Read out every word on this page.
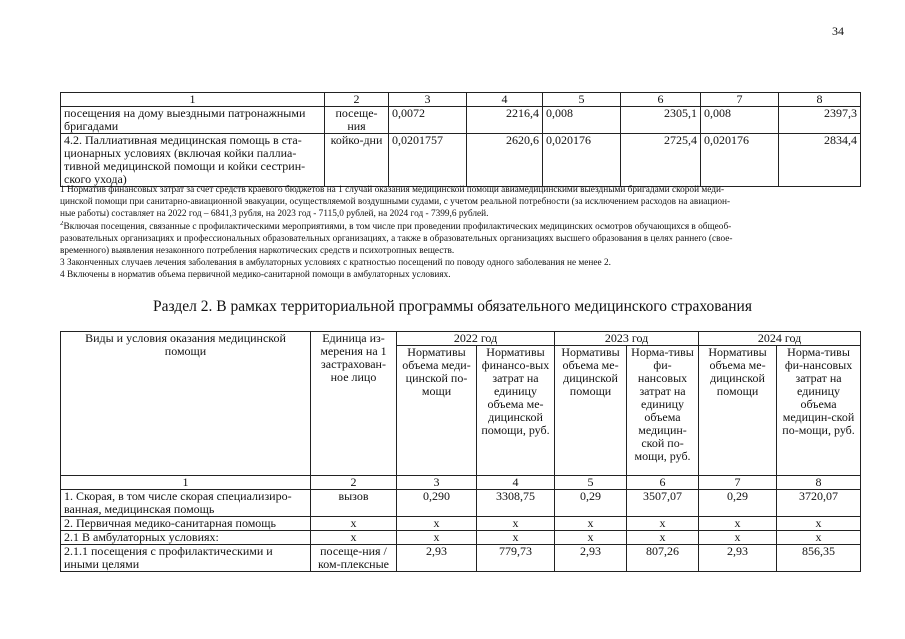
34
1	2	3	4	5	6	7	8
посещения на дому выездными патронажными бригадами	посеще-ния	0,0072	2216,4	0,008	2305,1	0,008	2397,3
4.2. Паллиативная медицинская помощь в ста-ционарных условиях (включая койки паллиа-тивной медицинской помощи и койки сестрин-ского ухода)	койко-дни	0,0201757	2620,6	0,020176	2725,4	0,020176	2834,4
1 Норматив финансовых затрат за счет средств краевого бюджетов на 1 случай оказания медицинской помощи авиамедицинскими выездными бригадами скорой меди-
цинской помощи при санитарно-авиационной эвакуации, осуществляемой воздушными судами, с учетом реальной потребности (за исключением расходов на авиацион-
ные работы) составляет на 2022 год – 6841,3 рубля, на 2023 год - 7115,0 рублей, на 2024 год - 7399,6 рублей.
$^2$Включая посещения, связанные с профилактическими мероприятиями, в том числе при проведении профилактических медицинских осмотров обучающихся в общеоб-
разовательных организациях и профессиональных образовательных организациях, а также в образовательных организациях высшего образования в целях раннего (свое-
временного) выявления незаконного потребления наркотических средств и психотропных веществ.
3 Законченных случаев лечения заболевания в амбулаторных условиях с кратностью посещений по поводу одного заболевания не менее 2.
4 Включены в норматив объема первичной медико-санитарной помощи в амбулаторных условиях.
Раздел 2. В рамках территориальной программы обязательного медицинского страхования
Виды и условия оказания медицинской помощи	Единица из-мерения на 1 застрахован-ное лицо	2022 год		2023 год		2024 год	
		Нормативы объема меди-цинской по-мощи	Нормативы финансо-вых затрат на единицу объема ме-дицинской помощи, руб.	Нормативы объема ме-дицинской помощи	Норма-тивы фи-нансовых затрат на единицу объема медицин-ской по-мощи, руб.	Нормативы объема ме-дицинской помощи	Норма-тивы фи-нансовых затрат на единицу объема медицин-ской по-мощи, руб.
1	2	3	4	5	6	7	8
1. Скорая, в том числе скорая специализиро-ванная, медицинская помощь	вызов	0,290	3308,75	0,29	3507,07	0,29	3720,07
2. Первичная медико-санитарная помощь	х	х	х	х	х	х	х
2.1 В амбулаторных условиях:	х	х	х	х	х	х	х
2.1.1 посещения с профилактическими и иными целями	посеще-ния /ком-плексные	2,93	779,73	2,93	807,26	2,93	856,35
